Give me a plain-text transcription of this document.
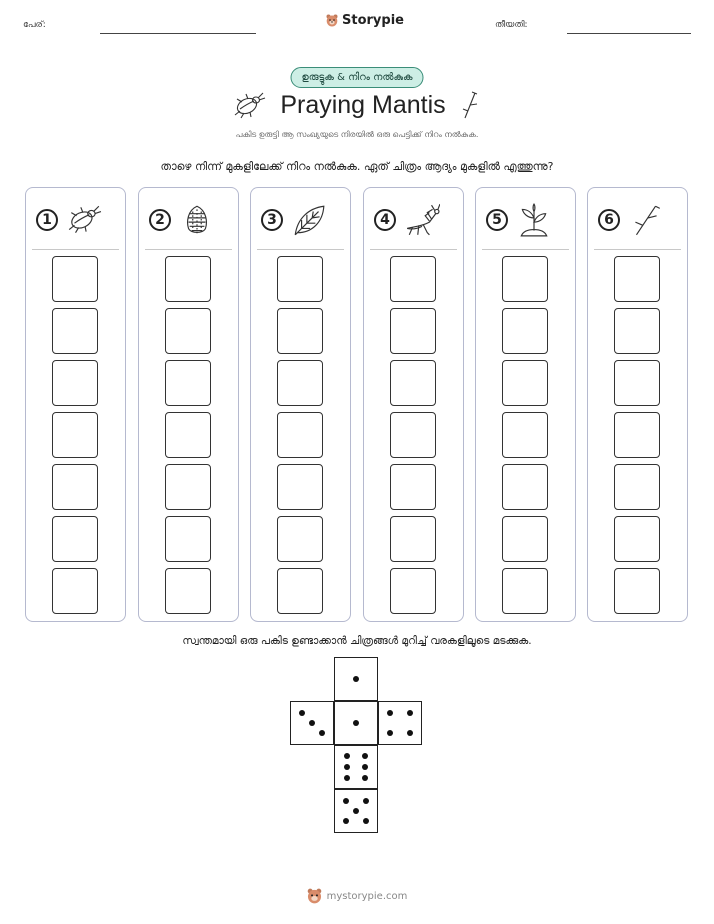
പേര്:	Storypie	തീയതി:
ഉരുട്ടുക & നിറം നൽകുക
Praying Mantis
പകിട ഉരുട്ടി ആ സംഖ്യയുടെ നിരയിൽ ഒരു പെട്ടിക്ക് നിറം നൽകുക.
താഴെ നിന്ന് മുകളിലേക്ക് നിറം നൽകുക. ഏത് ചിത്രം ആദ്യം മുകളിൽ എത്തുന്നു?
1	2	3	4	5	6
സ്വന്തമായി ഒരു പകിട ഉണ്ടാക്കാൻ ചിത്രങ്ങൾ മുറിച്ച് വരകളിലൂടെ മടക്കുക.
mystorypie.com
